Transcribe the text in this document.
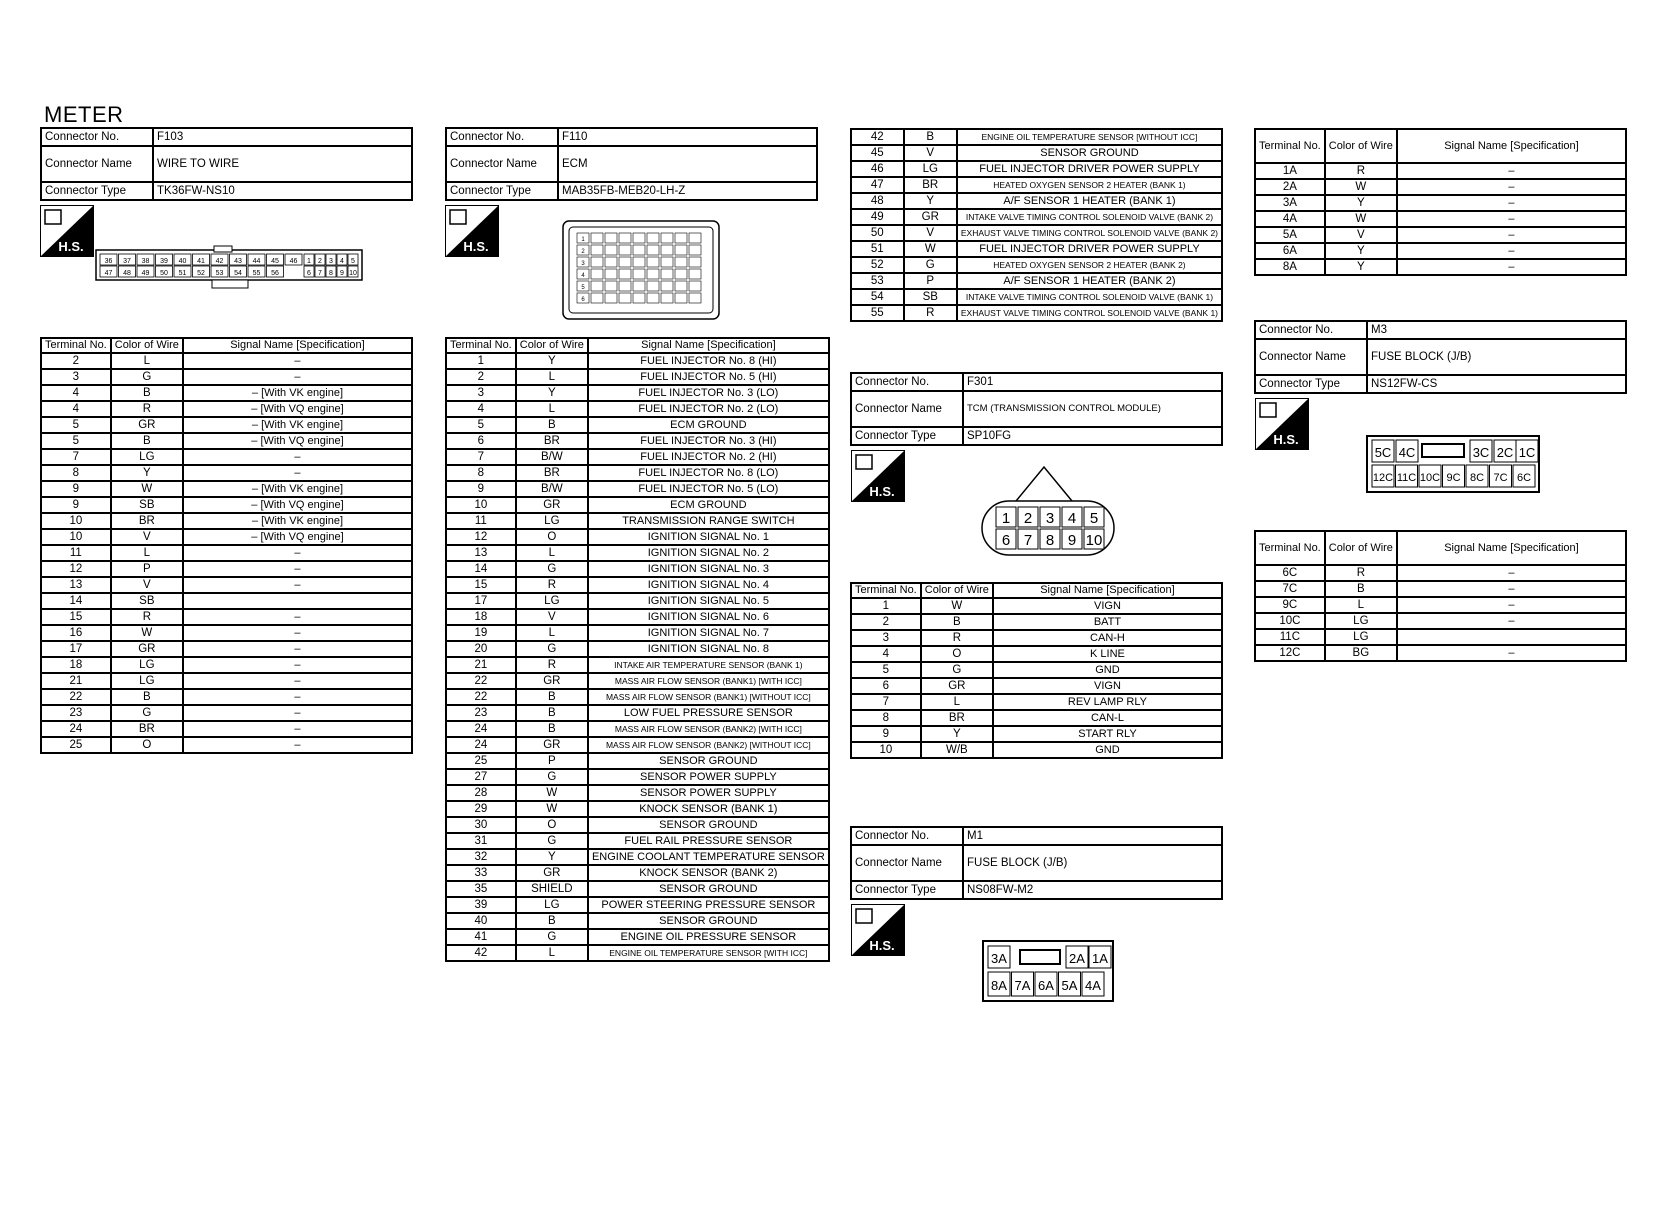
METER
Connector No.	F103
Connector Name	WIRE TO WIRE
Connector Type	TK36FW-NS10
H.S.
36 37 38 39 40 41 42 43 44 45 46
47 48 49 50 51 52 53 54 55 56
1 2 3 4 5
6 7 8 9 10
Terminal No.	Color of Wire	Signal Name [Specification]
2	L	–
3	G	–
4	B	– [With VK engine]
4	R	– [With VQ engine]
5	GR	– [With VK engine]
5	B	– [With VQ engine]
7	LG	–
8	Y	–
9	W	– [With VK engine]
9	SB	– [With VQ engine]
10	BR	– [With VK engine]
10	V	– [With VQ engine]
11	L	–
12	P	–
13	V	–
14	SB	
15	R	–
16	W	–
17	GR	–
18	LG	–
21	LG	–
22	B	–
23	G	–
24	BR	–
25	O	–
Connector No.	F110
Connector Name	ECM
Connector Type	MAB35FB-MEB20-LH-Z
H.S.	1
2
3
4
5
6
Terminal No.	Color of Wire	Signal Name [Specification]
1	Y	FUEL INJECTOR No. 8 (HI)
2	L	FUEL INJECTOR No. 5 (HI)
3	Y	FUEL INJECTOR No. 3 (LO)
4	L	FUEL INJECTOR No. 2 (LO)
5	B	ECM GROUND
6	BR	FUEL INJECTOR No. 3 (HI)
7	B/W	FUEL INJECTOR No. 2 (HI)
8	BR	FUEL INJECTOR No. 8 (LO)
9	B/W	FUEL INJECTOR No. 5 (LO)
10	GR	ECM GROUND
11	LG	TRANSMISSION RANGE SWITCH
12	O	IGNITION SIGNAL No. 1
13	L	IGNITION SIGNAL No. 2
14	G	IGNITION SIGNAL No. 3
15	R	IGNITION SIGNAL No. 4
17	LG	IGNITION SIGNAL No. 5
18	V	IGNITION SIGNAL No. 6
19	L	IGNITION SIGNAL No. 7
20	G	IGNITION SIGNAL No. 8
21	R	INTAKE AIR TEMPERATURE SENSOR (BANK 1)
22	GR	MASS AIR FLOW SENSOR (BANK1) [WITH ICC]
22	B	MASS AIR FLOW SENSOR (BANK1) [WITHOUT ICC]
23	B	LOW FUEL PRESSURE SENSOR
24	B	MASS AIR FLOW SENSOR (BANK2) [WITH ICC]
24	GR	MASS AIR FLOW SENSOR (BANK2) [WITHOUT ICC]
25	P	SENSOR GROUND
27	G	SENSOR POWER SUPPLY
28	W	SENSOR POWER SUPPLY
29	W	KNOCK SENSOR (BANK 1)
30	O	SENSOR GROUND
31	G	FUEL RAIL PRESSURE SENSOR
32	Y	ENGINE COOLANT TEMPERATURE SENSOR
33	GR	KNOCK SENSOR (BANK 2)
35	SHIELD	SENSOR GROUND
39	LG	POWER STEERING PRESSURE SENSOR
40	B	SENSOR GROUND
41	G	ENGINE OIL PRESSURE SENSOR
42	L	ENGINE OIL TEMPERATURE SENSOR [WITH ICC]
42	B	ENGINE OIL TEMPERATURE SENSOR [WITHOUT ICC]
45	V	SENSOR GROUND
46	LG	FUEL INJECTOR DRIVER POWER SUPPLY
47	BR	HEATED OXYGEN SENSOR 2 HEATER (BANK 1)
48	Y	A/F SENSOR 1 HEATER (BANK 1)
49	GR	INTAKE VALVE TIMING CONTROL SOLENOID VALVE (BANK 2)
50	V	EXHAUST VALVE TIMING CONTROL SOLENOID VALVE (BANK 2)
51	W	FUEL INJECTOR DRIVER POWER SUPPLY
52	G	HEATED OXYGEN SENSOR 2 HEATER (BANK 2)
53	P	A/F SENSOR 1 HEATER (BANK 2)
54	SB	INTAKE VALVE TIMING CONTROL SOLENOID VALVE (BANK 1)
55	R	EXHAUST VALVE TIMING CONTROL SOLENOID VALVE (BANK 1)
Connector No.	F301
Connector Name	TCM (TRANSMISSION CONTROL MODULE)
Connector Type	SP10FG
H.S.
1 2 3 4 5
6 7 8 9 10
Terminal No.	Color of Wire	Signal Name [Specification]
1	W	VIGN
2	B	BATT
3	R	CAN-H
4	O	K LINE
5	G	GND
6	GR	VIGN
7	L	REV LAMP RLY
8	BR	CAN-L
9	Y	START RLY
10	W/B	GND
Connector No.	M1
Connector Name	FUSE BLOCK (J/B)
Connector Type	NS08FW-M2
H.S.
3A	2A 1A
8A 7A 6A 5A 4A
Terminal No.	Color of Wire	Signal Name [Specification]
1A	R	–
2A	W	–
3A	Y	–
4A	W	–
5A	V	–
6A	Y	–
8A	Y	–
Connector No.	M3
Connector Name	FUSE BLOCK (J/B)
Connector Type	NS12FW-CS
H.S.
5C 4C	3C 2C 1C
12C 11C 10C 9C 8C 7C 6C
Terminal No.	Color of Wire	Signal Name [Specification]
6C	R	–
7C	B	–
9C	L	–
10C	LG	–
11C	LG	
12C	BG	–
